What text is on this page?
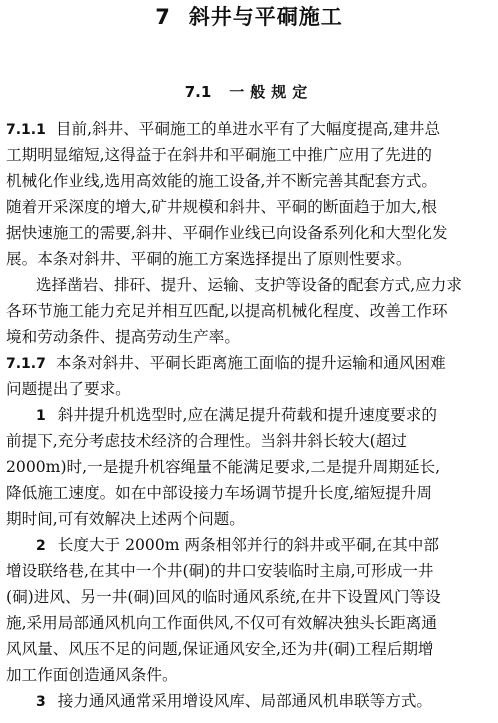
7 斜井与平硐施工
7.1 一般规定
7.1.1 目前,斜井、平硐施工的单进水平有了大幅度提高,建井总
工期明显缩短,这得益于在斜井和平硐施工中推广应用了先进的
机械化作业线,选用高效能的施工设备,并不断完善其配套方式。
随着开采深度的增大,矿井规模和斜井、平硐的断面趋于加大,根
据快速施工的需要,斜井、平硐作业线已向设备系列化和大型化发
展。本条对斜井、平硐的施工方案选择提出了原则性要求。
选择凿岩、排矸、提升、运输、支护等设备的配套方式,应力求
各环节施工能力充足并相互匹配,以提高机械化程度、改善工作环
境和劳动条件、提高劳动生产率。
7.1.7 本条对斜井、平硐长距离施工面临的提升运输和通风困难
问题提出了要求。
1 斜井提升机选型时,应在满足提升荷载和提升速度要求的
前提下,充分考虑技术经济的合理性。当斜井斜长较大(超过
2000m)时,一是提升机容绳量不能满足要求,二是提升周期延长,
降低施工速度。如在中部设接力车场调节提升长度,缩短提升周
期时间,可有效解决上述两个问题。
2 长度大于 2000m 两条相邻并行的斜井或平硐,在其中部
增设联络巷,在其中一个井(硐)的井口安装临时主扇,可形成一井
(硐)进风、另一井(硐)回风的临时通风系统,在井下设置风门等设
施,采用局部通风机向工作面供风,不仅可有效解决独头长距离通
风风量、风压不足的问题,保证通风安全,还为井(硐)工程后期增
加工作面创造通风条件。
3 接力通风通常采用增设风库、局部通风机串联等方式。
